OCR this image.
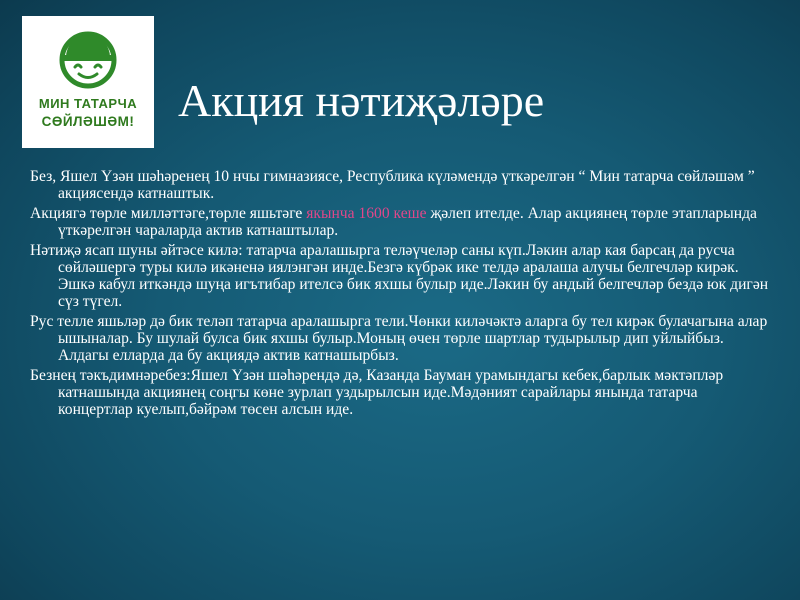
МИН ТАТАРЧА
СӨЙЛӘШӘМ! Акция нәтиҗәләре

Без, Яшел Үзән шәһәренең 10 нчы гимназиясе, Республика күләмендә үткәрелгән “ Мин татарча сөйләшәм ” акциясендә катнаштык.

Акциягә төрле милләттәге,төрле яшьтәге якынча 1600 кеше җәлеп ителде. Алар акциянең төрле этапларында үткәрелгән чараларда актив катнаштылар.

Нәтиҗә ясап шуны әйтәсе килә: татарча аралашырга теләүчеләр саны күп.Ләкин алар кая барсаң да русча сөйләшергә туры килә икәненә иялэнгән инде.Безгә күбрәк ике телдә аралаша алучы белгечләр кирәк. Эшкә кабул иткәндә шуңа игътибар ителсә бик яхшы булыр иде.Ләкин бу андый белгечләр бездә юк дигән сүз түгел.

Рус телле яшьләр дә бик теләп татарча аралашырга тели.Чөнки киләчәктә аларга бу тел кирәк булачагына алар ышыналар. Бу шулай булса бик яхшы булыр.Моның өчен төрле шартлар тудырылыр дип уйлыйбыз. Алдагы елларда да бу акциядә актив катнашырбыз.

Безнең тәкъдимнәребез:Яшел Үзән шәһәрендә дә, Казанда Бауман урамындагы кебек,барлык мәктәпләр катнашында акциянең соңгы көне зурлап уздырылсын иде.Мәдәният сарайлары янында татарча концертлар куелып,бәйрәм төсен алсын иде.
